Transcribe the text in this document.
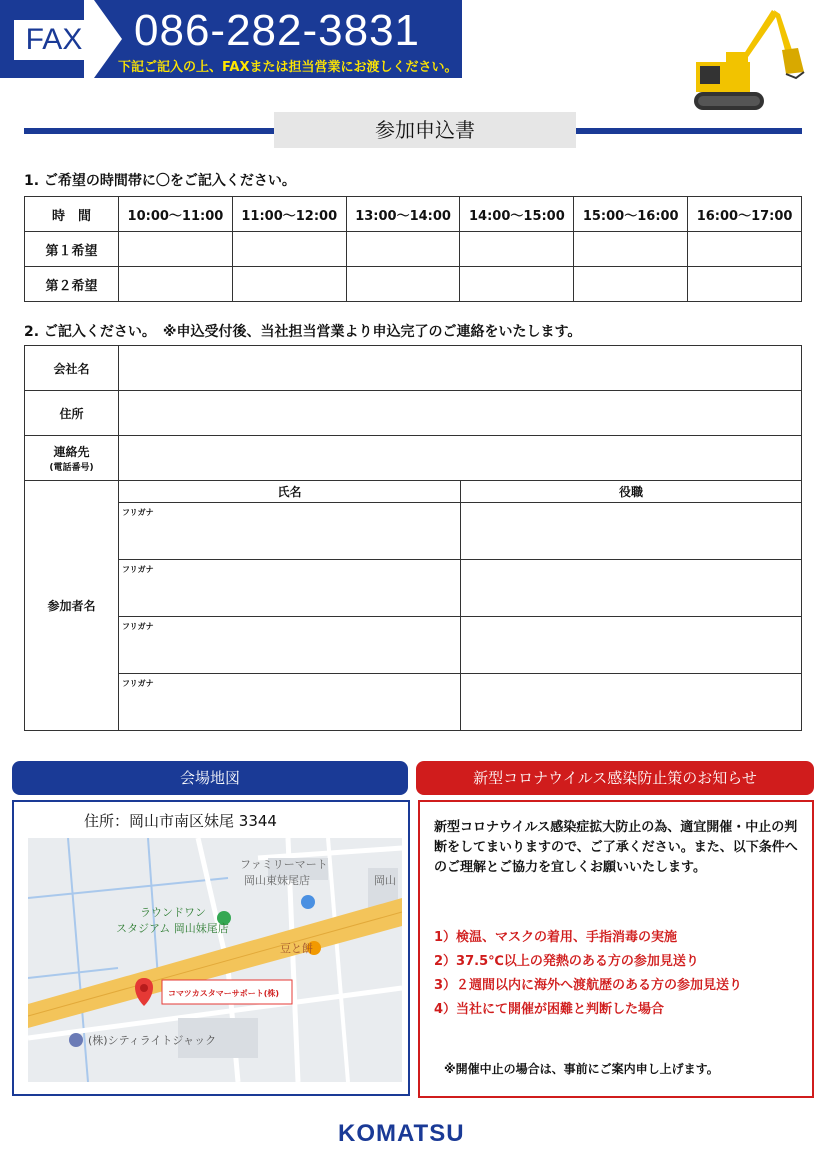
FAX 086-282-3831
下記ご記入の上、FAXまたは担当営業にお渡しください。
参加申込書
1. ご希望の時間帯に〇をご記入ください。
時　間	10:00～11:00	11:00～12:00	13:00～14:00	14:00～15:00	15:00～16:00	16:00～17:00
第１希望						
第２希望						
2. ご記入ください。　※申込受付後、当社担当営業より申込完了のご連絡をいたします。
会社名		
住所		

連絡先
(電話番号)		

参加者名	氏名	役職
	フリガナ	
	フリガナ	
	フリガナ	
	フリガナ	
会場地図
住所：岡山市南区妹尾 3344
ファミリーマート
岡山東妹尾店	岡山
ラウンドワン
スタジアム 岡山妹尾店
豆と餅
コマツカスタマーサポート(株)
(株)シティライトジャック
新型コロナウイルス感染防止策のお知らせ
新型コロナウイルス感染症拡大防止の為、適宜開催・中止の判断をしてまいりますので、ご了承ください。また、以下条件へのご理解とご協力を宜しくお願いいたします。
1）検温、マスクの着用、手指消毒の実施
2）37.5℃以上の発熱のある方の参加見送り
3）２週間以内に海外へ渡航歴のある方の参加見送り
4）当社にて開催が困難と判断した場合
※開催中止の場合は、事前にご案内申し上げます。
KOMATSU
